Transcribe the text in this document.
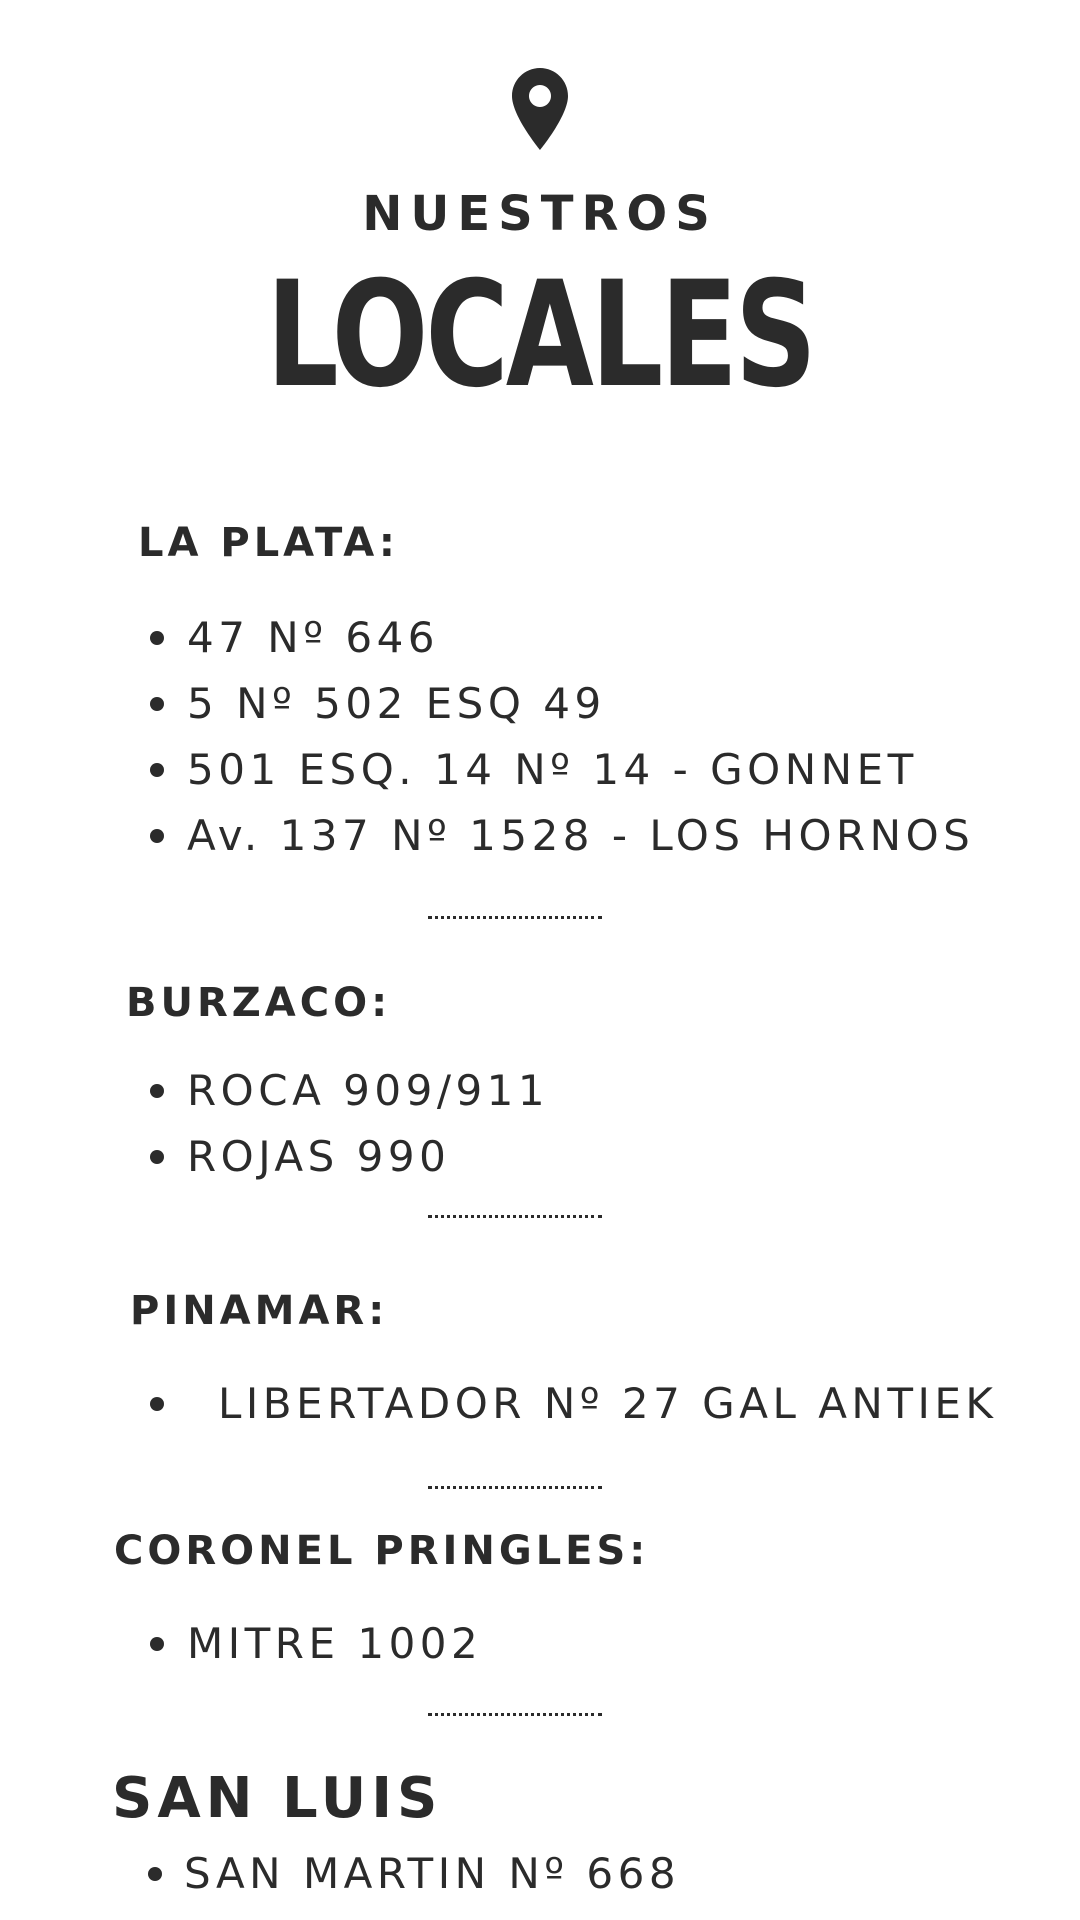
NUESTROS
LOCALES
LA PLATA:
47 Nº 646
5 Nº 502 ESQ 49
501 ESQ. 14 Nº 14 - GONNET
Av. 137 Nº 1528 - LOS HORNOS
BURZACO:
ROCA 909/911
ROJAS 990
PINAMAR:
LIBERTADOR Nº 27 GAL ANTIEK
CORONEL PRINGLES:
MITRE 1002
SAN LUIS
SAN MARTIN Nº 668
